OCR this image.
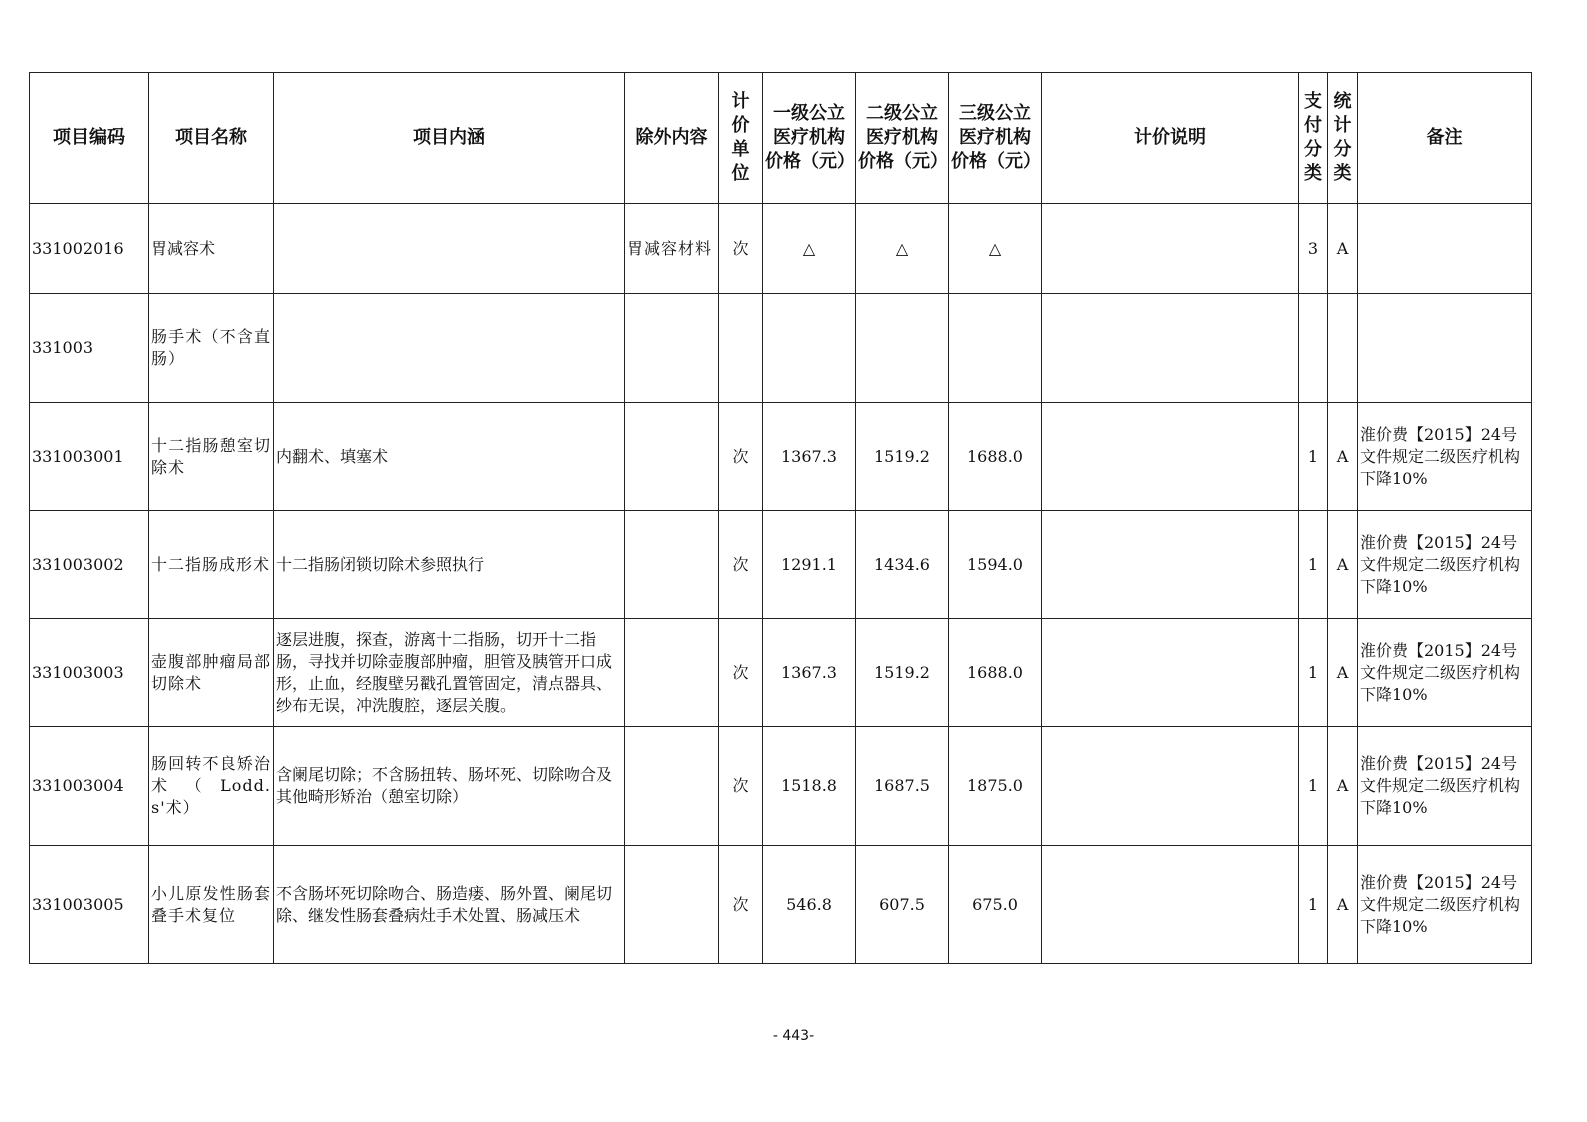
项目编码	项目名称	项目内涵	除外内容	计价单位	一级公立医疗机构价格（元）	二级公立医疗机构价格（元）	三级公立医疗机构价格（元）	计价说明	支付分类	统计分类	备注
331002016	胃减容术		胃减容材料	次	△	△	△		3	A	
331003	肠手术（不含直肠）										
331003001	十二指肠憩室切除术	内翻术、填塞术		次	1367.3	1519.2	1688.0		1	A	淮价费【2015】24号文件规定二级医疗机构下降10%
331003002	十二指肠成形术	十二指肠闭锁切除术参照执行		次	1291.1	1434.6	1594.0		1	A	淮价费【2015】24号文件规定二级医疗机构下降10%
331003003	壶腹部肿瘤局部切除术	逐层进腹，探查，游离十二指肠，切开十二指肠，寻找并切除壶腹部肿瘤，胆管及胰管开口成形，止血，经腹壁另戳孔置管固定，清点器具、纱布无误，冲洗腹腔，逐层关腹。		次	1367.3	1519.2	1688.0		1	A	淮价费【2015】24号文件规定二级医疗机构下降10%
331003004	肠回转不良矫治术（Lodd.s'术）	含阑尾切除；不含肠扭转、肠坏死、切除吻合及其他畸形矫治（憩室切除）		次	1518.8	1687.5	1875.0		1	A	淮价费【2015】24号文件规定二级医疗机构下降10%
331003005	小儿原发性肠套叠手术复位	不含肠坏死切除吻合、肠造瘘、肠外置、阑尾切除、继发性肠套叠病灶手术处置、肠减压术		次	546.8	607.5	675.0		1	A	淮价费【2015】24号文件规定二级医疗机构下降10%
- 443-
